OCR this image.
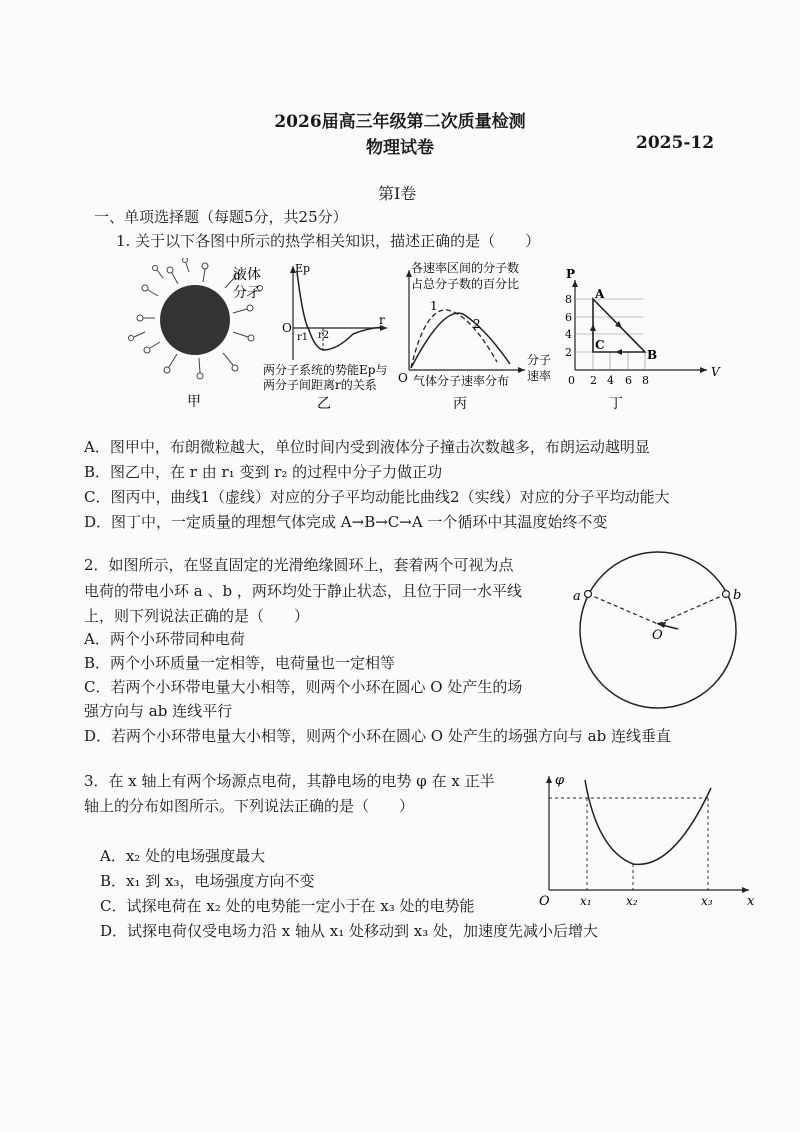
2026届高三年级第二次质量检测
物理试卷	2025-12
第Ⅰ卷
一、单项选择题（每题5分，共25分）
1. 关于以下各图中所示的热学相关知识，描述正确的是（　　）
液体
分子
甲
Ep
r
O
r1 r2
两分子系统的势能Ep与
两分子间距离r的关系
乙
各速率区间的分子数
占总分子数的百分比
1
2
O
分子
速率
气体分子速率分布
丙
P
V
8
6
4
2
0 2 4 6 8
A
B
C
丁
A．图甲中，布朗微粒越大，单位时间内受到液体分子撞击次数越多，布朗运动越明显
B．图乙中，在 r 由 r₁ 变到 r₂ 的过程中分子力做正功
C．图丙中，曲线1（虚线）对应的分子平均动能比曲线2（实线）对应的分子平均动能大
D．图丁中，一定质量的理想气体完成 A→B→C→A 一个循环中其温度始终不变
2．如图所示，在竖直固定的光滑绝缘圆环上，套着两个可视为点
电荷的带电小环 a 、b ，两环均处于静止状态，且位于同一水平线
上，则下列说法正确的是（　　）
A．两个小环带同种电荷
B．两个小环质量一定相等，电荷量也一定相等
C．若两个小环带电量大小相等，则两个小环在圆心 O 处产生的场
强方向与 ab 连线平行
D．若两个小环带电量大小相等，则两个小环在圆心 O 处产生的场强方向与 ab 连线垂直
a	b
O
3．在 x 轴上有两个场源点电荷，其静电场的电势 φ 在 x 正半
轴上的分布如图所示。下列说法正确的是（　　）
A．x₂ 处的电场强度最大
B．x₁ 到 x₃，电场强度方向不变
C．试探电荷在 x₂ 处的电势能一定小于在 x₃ 处的电势能
D．试探电荷仅受电场力沿 x 轴从 x₁ 处移动到 x₃ 处，加速度先减小后增大
φ
x
O	x₁	x₂	x₃
